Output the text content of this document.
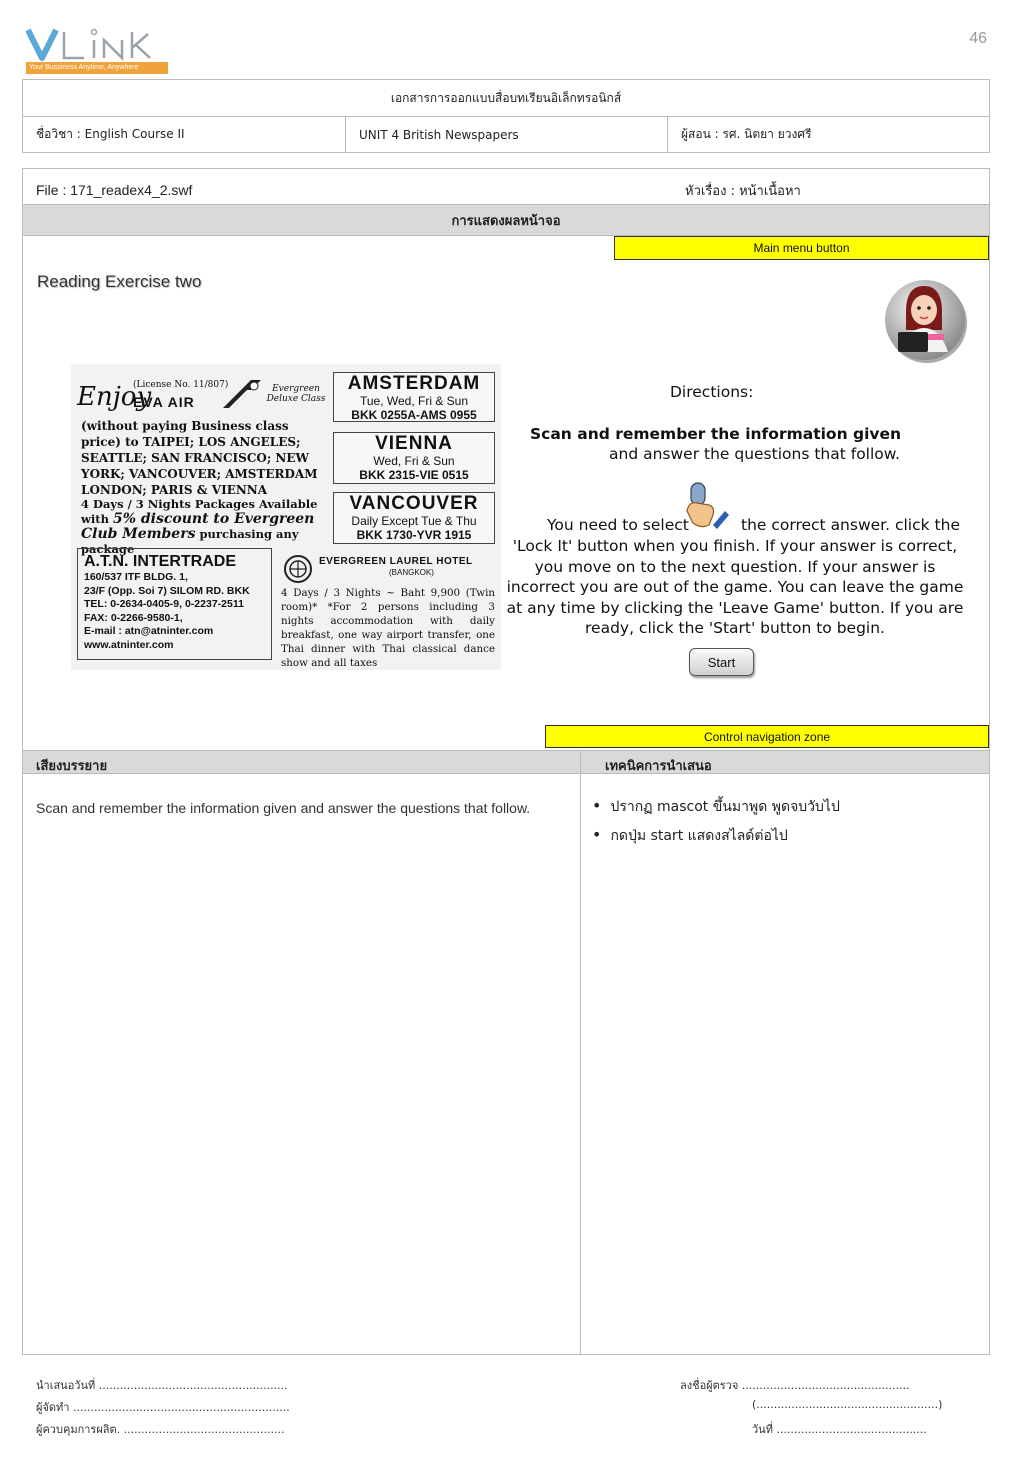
Your Bussiness Anytime, Anywhere
46
เอกสารการออกแบบสื่อบทเรียนอิเล็กทรอนิกส์
ชื่อวิชา : English Course II	UNIT 4 British Newspapers	ผู้สอน : รศ. นิตยา ยวงศรี
File : 171_readex4_2.swf	หัวเรื่อง : หน้าเนื้อหา
การแสดงผลหน้าจอ
Main menu button
Reading Exercise two
Enjoy
(License No. 11/807)
EVA AIR
Evergreen Deluxe Class
(without paying Business class price) to TAIPEI; LOS ANGELES; SEATTLE; SAN FRANCISCO; NEW YORK; VANCOUVER; AMSTERDAM LONDON; PARIS & VIENNA
4 Days / 3 Nights Packages Available with 5% discount to Evergreen Club Members purchasing any package
AMSTERDAM
Tue, Wed, Fri & Sun
BKK 0255A-AMS 0955
VIENNA
Wed, Fri & Sun
BKK 2315-VIE 0515
VANCOUVER
Daily Except Tue & Thu
BKK 1730-YVR 1915
A.T.N. INTERTRADE
160/537 ITF BLDG. 1,
23/F (Opp. Soi 7) SILOM RD. BKK
TEL: 0-2634-0405-9, 0-2237-2511
FAX: 0-2266-9580-1,
E-mail : atn@atninter.com
www.atninter.com
EVERGREEN LAUREL HOTEL
(BANGKOK)
4 Days / 3 Nights ~ Baht 9,900 (Twin room)* *For 2 persons including 3 nights accommodation with daily breakfast, one way airport transfer, one Thai dinner with Thai classical dance show and all taxes
Directions:
Scan and remember the information given
and answer the questions that follow.
You need to select	the correct answer. click the
'Lock It' button when you finish. If your answer is correct, you move on to the next question. If your answer is incorrect you are out of the game. You can leave the game at any time by clicking the 'Leave Game' button. If you are ready, click the 'Start' button to begin.
Start
Control navigation zone
เสียงบรรยาย	เทคนิคการนำเสนอ
Scan and remember the information given and answer the questions that follow.
•	ปรากฏ mascot ขึ้นมาพูด พูดจบวับไป
• กดปุ่ม start แสดงสไลด์ต่อไป
นำเสนอวันที่ ......................................................
ผู้จัดทำ ..............................................................
ผู้ควบคุมการผลิต. ..............................................
ลงชื่อผู้ตรวจ ................................................
(....................................................)
วันที่ ...........................................
